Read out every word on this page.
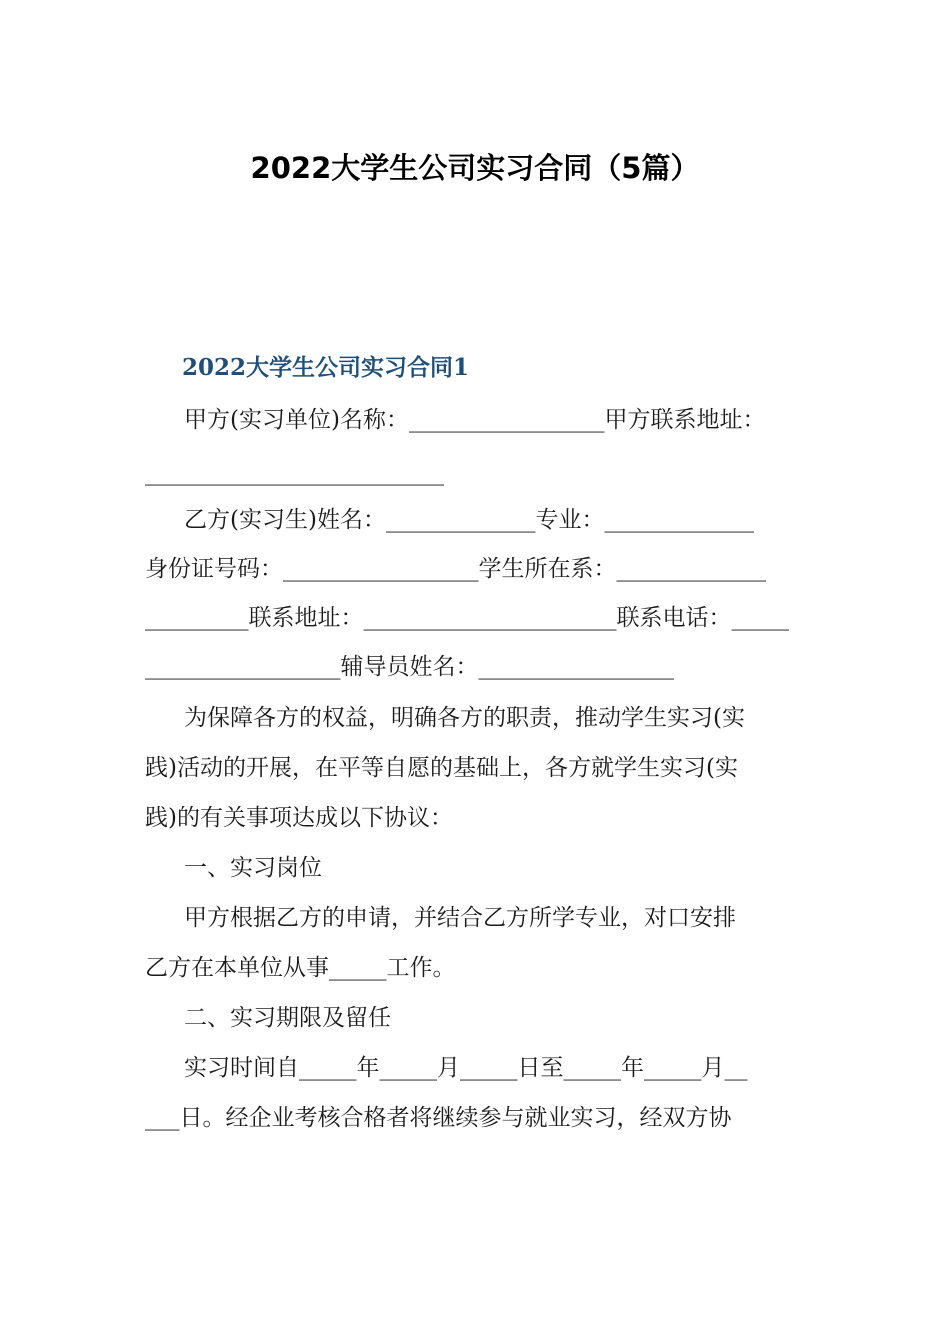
2022大学生公司实习合同（5篇）
2022大学生公司实习合同1

甲方(实习单位)名称：_________________甲方联系地址：

__________________________

乙方(实习生)姓名：_____________专业：_____________

身份证号码：_________________学生所在系：_____________

_________联系地址：______________________联系电话：_____

_________________辅导员姓名：_________________

为保障各方的权益，明确各方的职责，推动学生实习(实

践)活动的开展，在平等自愿的基础上，各方就学生实习(实

践)的有关事项达成以下协议：

一、实习岗位

甲方根据乙方的申请，并结合乙方所学专业，对口安排

乙方在本单位从事_____工作。

二、实习期限及留任

实习时间自_____年_____月_____日至_____年_____月__

___日。经企业考核合格者将继续参与就业实习，经双方协
